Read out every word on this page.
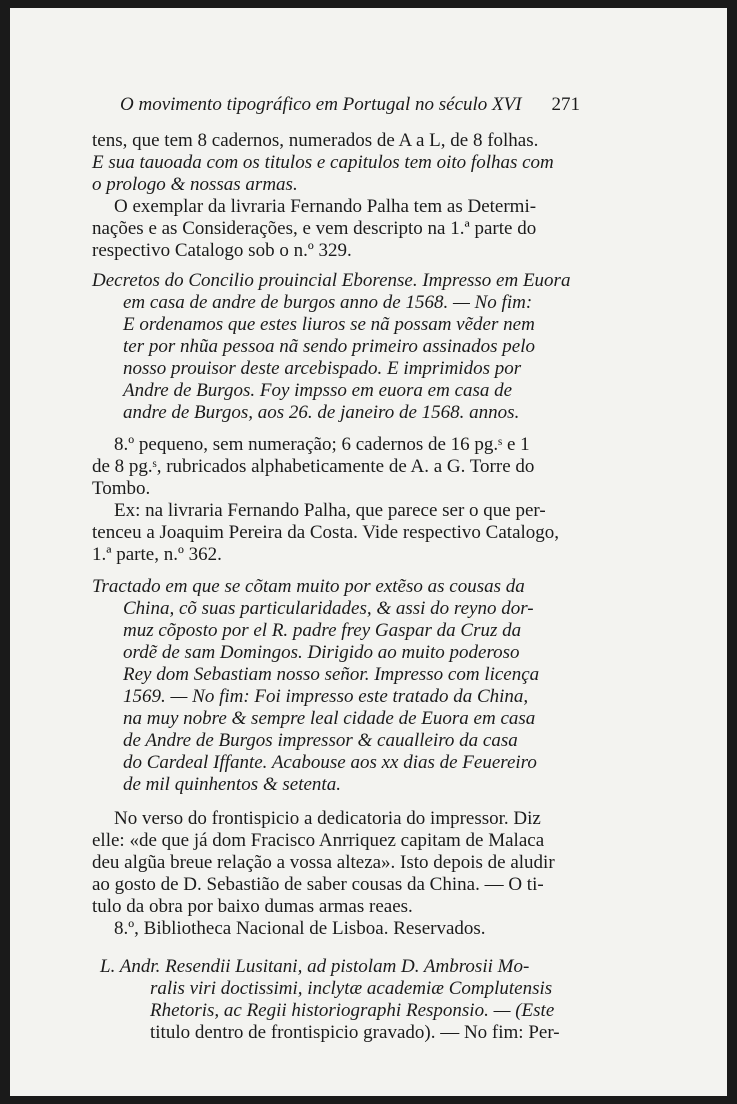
O movimento tipográfico em Portugal no século XVI 271
tens, que tem 8 cadernos, numerados de A a L, de 8 folhas.
E sua tauoada com os titulos e capitulos tem oito folhas com
o prologo & nossas armas.
O exemplar da livraria Fernando Palha tem as Determi-
nações e as Considerações, e vem descripto na 1.ª parte do
respectivo Catalogo sob o n.º 329.
Decretos do Concilio prouincial Eborense. Impresso em Euora
em casa de andre de burgos anno de 1568. — No fim:
E ordenamos que estes liuros se nã possam vẽder nem
ter por nhũa pessoa nã sendo primeiro assinados pelo
nosso prouisor deste arcebispado. E imprimidos por
Andre de Burgos. Foy impsso em euora em casa de
andre de Burgos, aos 26. de janeiro de 1568. annos.
8.º pequeno, sem numeração; 6 cadernos de 16 pg.ˢ e 1
de 8 pg.ˢ, rubricados alphabeticamente de A. a G. Torre do
Tombo.
Ex: na livraria Fernando Palha, que parece ser o que per-
tenceu a Joaquim Pereira da Costa. Vide respectivo Catalogo,
1.ª parte, n.º 362.
Tractado em que se cõtam muito por extẽso as cousas da
China, cõ suas particularidades, & assi do reyno dor-
muz cõposto por el R. padre frey Gaspar da Cruz da
ordẽ de sam Domingos. Dirigido ao muito poderoso
Rey dom Sebastiam nosso señor. Impresso com licença
1569. — No fim: Foi impresso este tratado da China,
na muy nobre & sempre leal cidade de Euora em casa
de Andre de Burgos impressor & caualleiro da casa
do Cardeal Iffante. Acabouse aos xx dias de Feuereiro
de mil quinhentos & setenta.
No verso do frontispicio a dedicatoria do impressor. Diz
elle: «de que já dom Fracisco Anrriquez capitam de Malaca
deu algũa breue relação a vossa alteza». Isto depois de aludir
ao gosto de D. Sebastião de saber cousas da China. — O ti-
tulo da obra por baixo dumas armas reaes.
8.º, Bibliotheca Nacional de Lisboa. Reservados.
L. Andr. Resendii Lusitani, ad pistolam D. Ambrosii Mo-
ralis viri doctissimi, inclytæ academiæ Complutensis
Rhetoris, ac Regii historiographi Responsio. — (Este
titulo dentro de frontispicio gravado). — No fim: Per-
